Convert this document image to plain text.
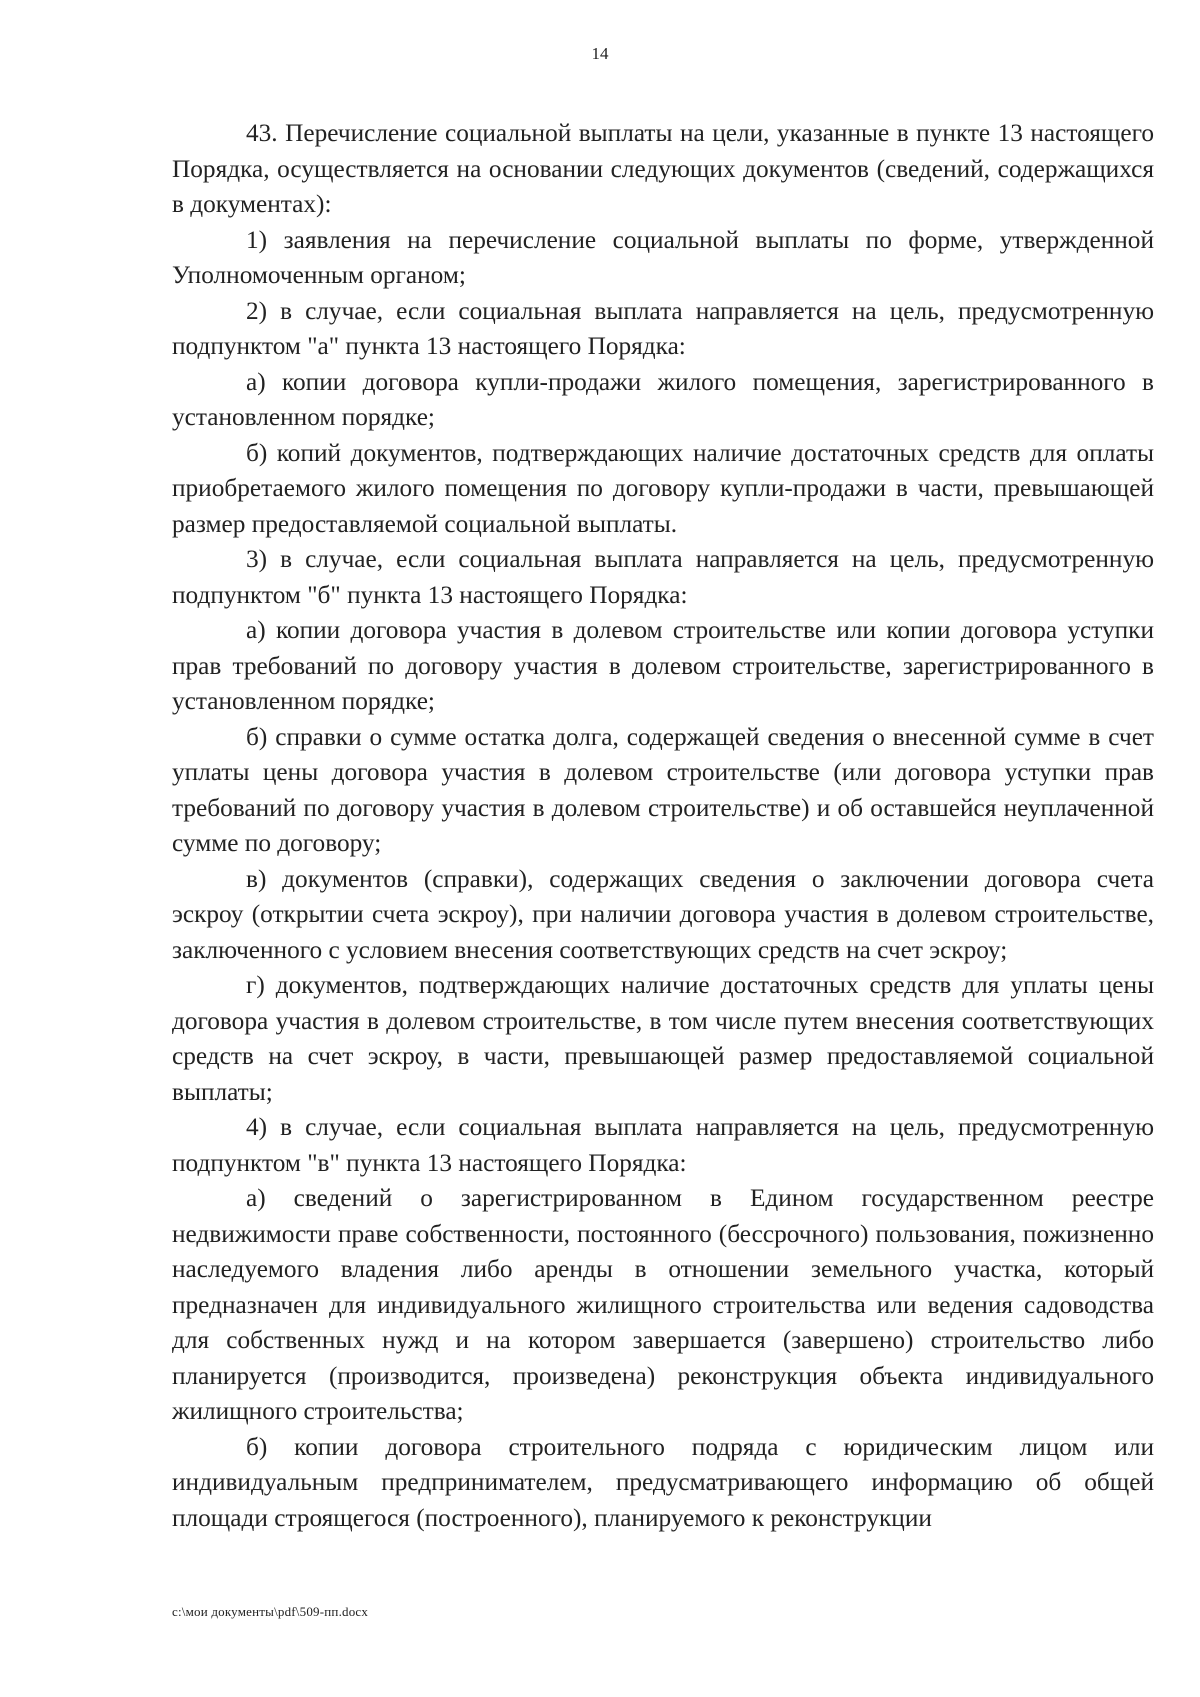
14

43. Перечисление социальной выплаты на цели, указанные в пункте 13 настоящего Порядка, осуществляется на основании следующих документов (сведений, содержащихся в документах):

1) заявления на перечисление социальной выплаты по форме, утвержденной Уполномоченным органом;

2) в случае, если социальная выплата направляется на цель, предусмотренную подпунктом "а" пункта 13 настоящего Порядка:

а) копии договора купли-продажи жилого помещения, зарегистрированного в установленном порядке;

б) копий документов, подтверждающих наличие достаточных средств для оплаты приобретаемого жилого помещения по договору купли-продажи в части, превышающей размер предоставляемой социальной выплаты.

3) в случае, если социальная выплата направляется на цель, предусмотренную подпунктом "б" пункта 13 настоящего Порядка:

а) копии договора участия в долевом строительстве или копии договора уступки прав требований по договору участия в долевом строительстве, зарегистрированного в установленном порядке;

б) справки о сумме остатка долга, содержащей сведения о внесенной сумме в счет уплаты цены договора участия в долевом строительстве (или договора уступки прав требований по договору участия в долевом строительстве) и об оставшейся неуплаченной сумме по договору;

в) документов (справки), содержащих сведения о заключении договора счета эскроу (открытии счета эскроу), при наличии договора участия в долевом строительстве, заключенного с условием внесения соответствующих средств на счет эскроу;

г) документов, подтверждающих наличие достаточных средств для уплаты цены договора участия в долевом строительстве, в том числе путем внесения соответствующих средств на счет эскроу, в части, превышающей размер предоставляемой социальной выплаты;

4) в случае, если социальная выплата направляется на цель, предусмотренную подпунктом "в" пункта 13 настоящего Порядка:

а) сведений о зарегистрированном в Едином государственном реестре недвижимости праве собственности, постоянного (бессрочного) пользования, пожизненно наследуемого владения либо аренды в отношении земельного участка, который предназначен для индивидуального жилищного строительства или ведения садоводства для собственных нужд и на котором завершается (завершено) строительство либо планируется (производится, произведена) реконструкция объекта индивидуального жилищного строительства;

б) копии договора строительного подряда с юридическим лицом или индивидуальным предпринимателем, предусматривающего информацию об общей площади строящегося (построенного), планируемого к реконструкции

c:\мои документы\pdf\509-пп.docx
